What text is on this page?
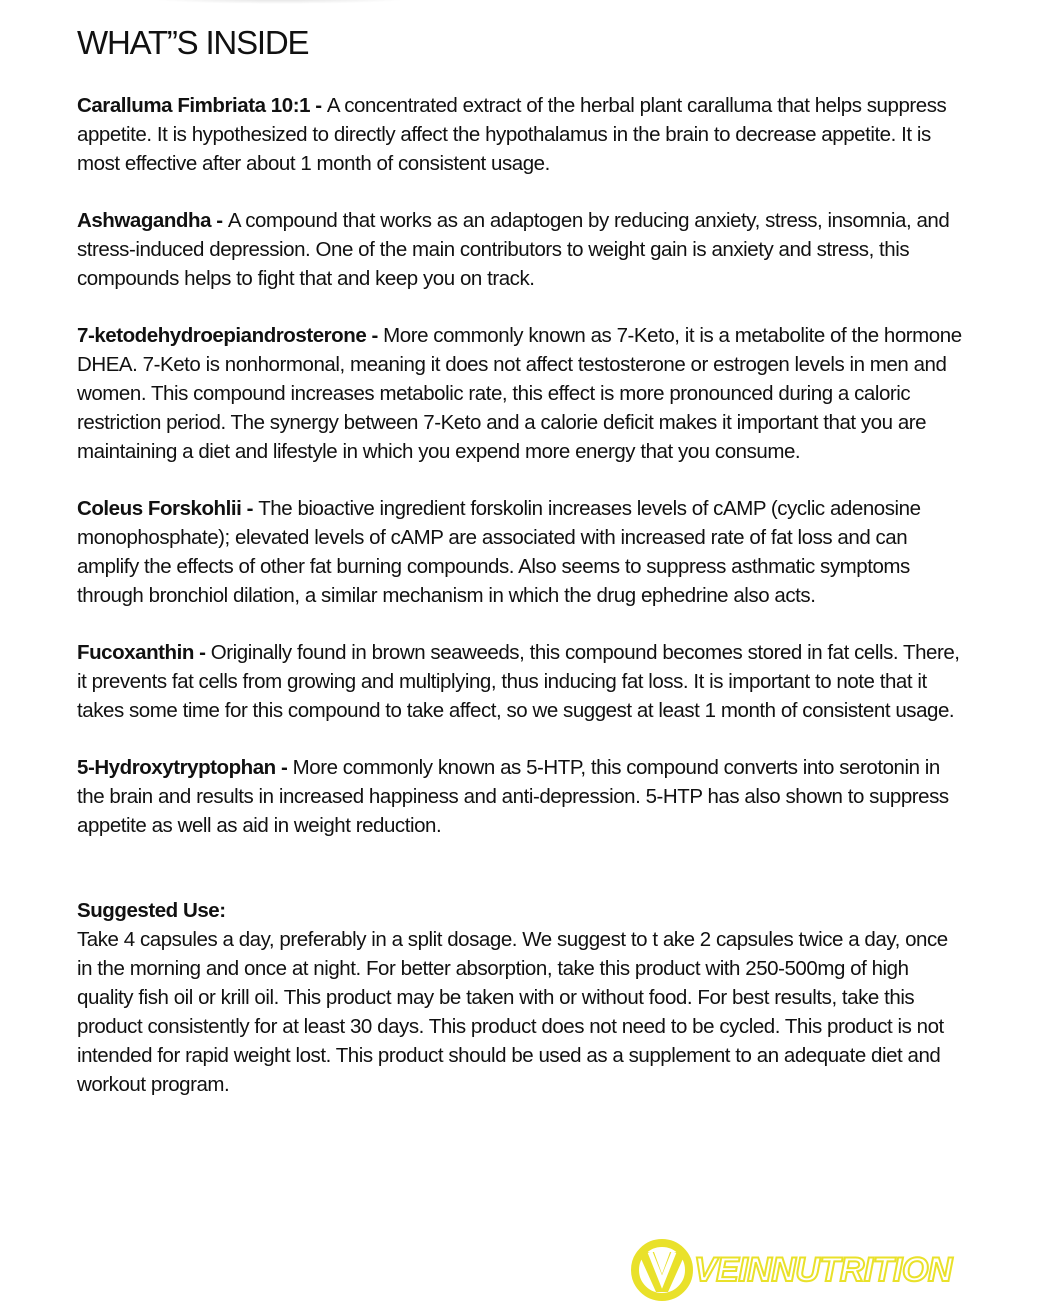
WHAT”S INSIDE

Caralluma Fimbriata 10:1 - A concentrated extract of the herbal plant caralluma that helps suppress appetite. It is hypothesized to directly affect the hypothalamus in the brain to decrease appetite. It is most effective after about 1 month of consistent usage.

Ashwagandha - A compound that works as an adaptogen by reducing anxiety, stress, insomnia, and stress-induced depression. One of the main contributors to weight gain is anxiety and stress, this compounds helps to fight that and keep you on track.

7-ketodehydroepiandrosterone - More commonly known as 7-Keto, it is a metabolite of the hormone DHEA. 7-Keto is nonhormonal, meaning it does not affect testosterone or estrogen levels in men and women. This compound increases metabolic rate, this effect is more pronounced during a caloric restriction period. The synergy between 7-Keto and a calorie deficit makes it important that you are maintaining a diet and lifestyle in which you expend more energy that you consume.

Coleus Forskohlii - The bioactive ingredient forskolin increases levels of cAMP (cyclic adenosine monophosphate); elevated levels of cAMP are associated with increased rate of fat loss and can amplify the effects of other fat burning compounds. Also seems to suppress asthmatic symptoms through bronchiol dilation, a similar mechanism in which the drug ephedrine also acts.

Fucoxanthin - Originally found in brown seaweeds, this compound becomes stored in fat cells. There, it prevents fat cells from growing and multiplying, thus inducing fat loss. It is important to note that it takes some time for this compound to take affect, so we suggest at least 1 month of consistent usage.

5-Hydroxytryptophan - More commonly known as 5-HTP, this compound converts into serotonin in the brain and results in increased happiness and anti-depression. 5-HTP has also shown to suppress appetite as well as aid in weight reduction.

Suggested Use:
Take 4 capsules a day, preferably in a split dosage. We suggest to t ake 2 capsules twice a day, once in the morning and once at night. For better absorption, take this product with 250-500mg of high quality fish oil or krill oil. This product may be taken with or without food. For best results, take this product consistently for at least 30 days. This product does not need to be cycled. This product is not intended for rapid weight lost. This product should be used as a supplement to an adequate diet and workout program.
VEINNUTRITION
